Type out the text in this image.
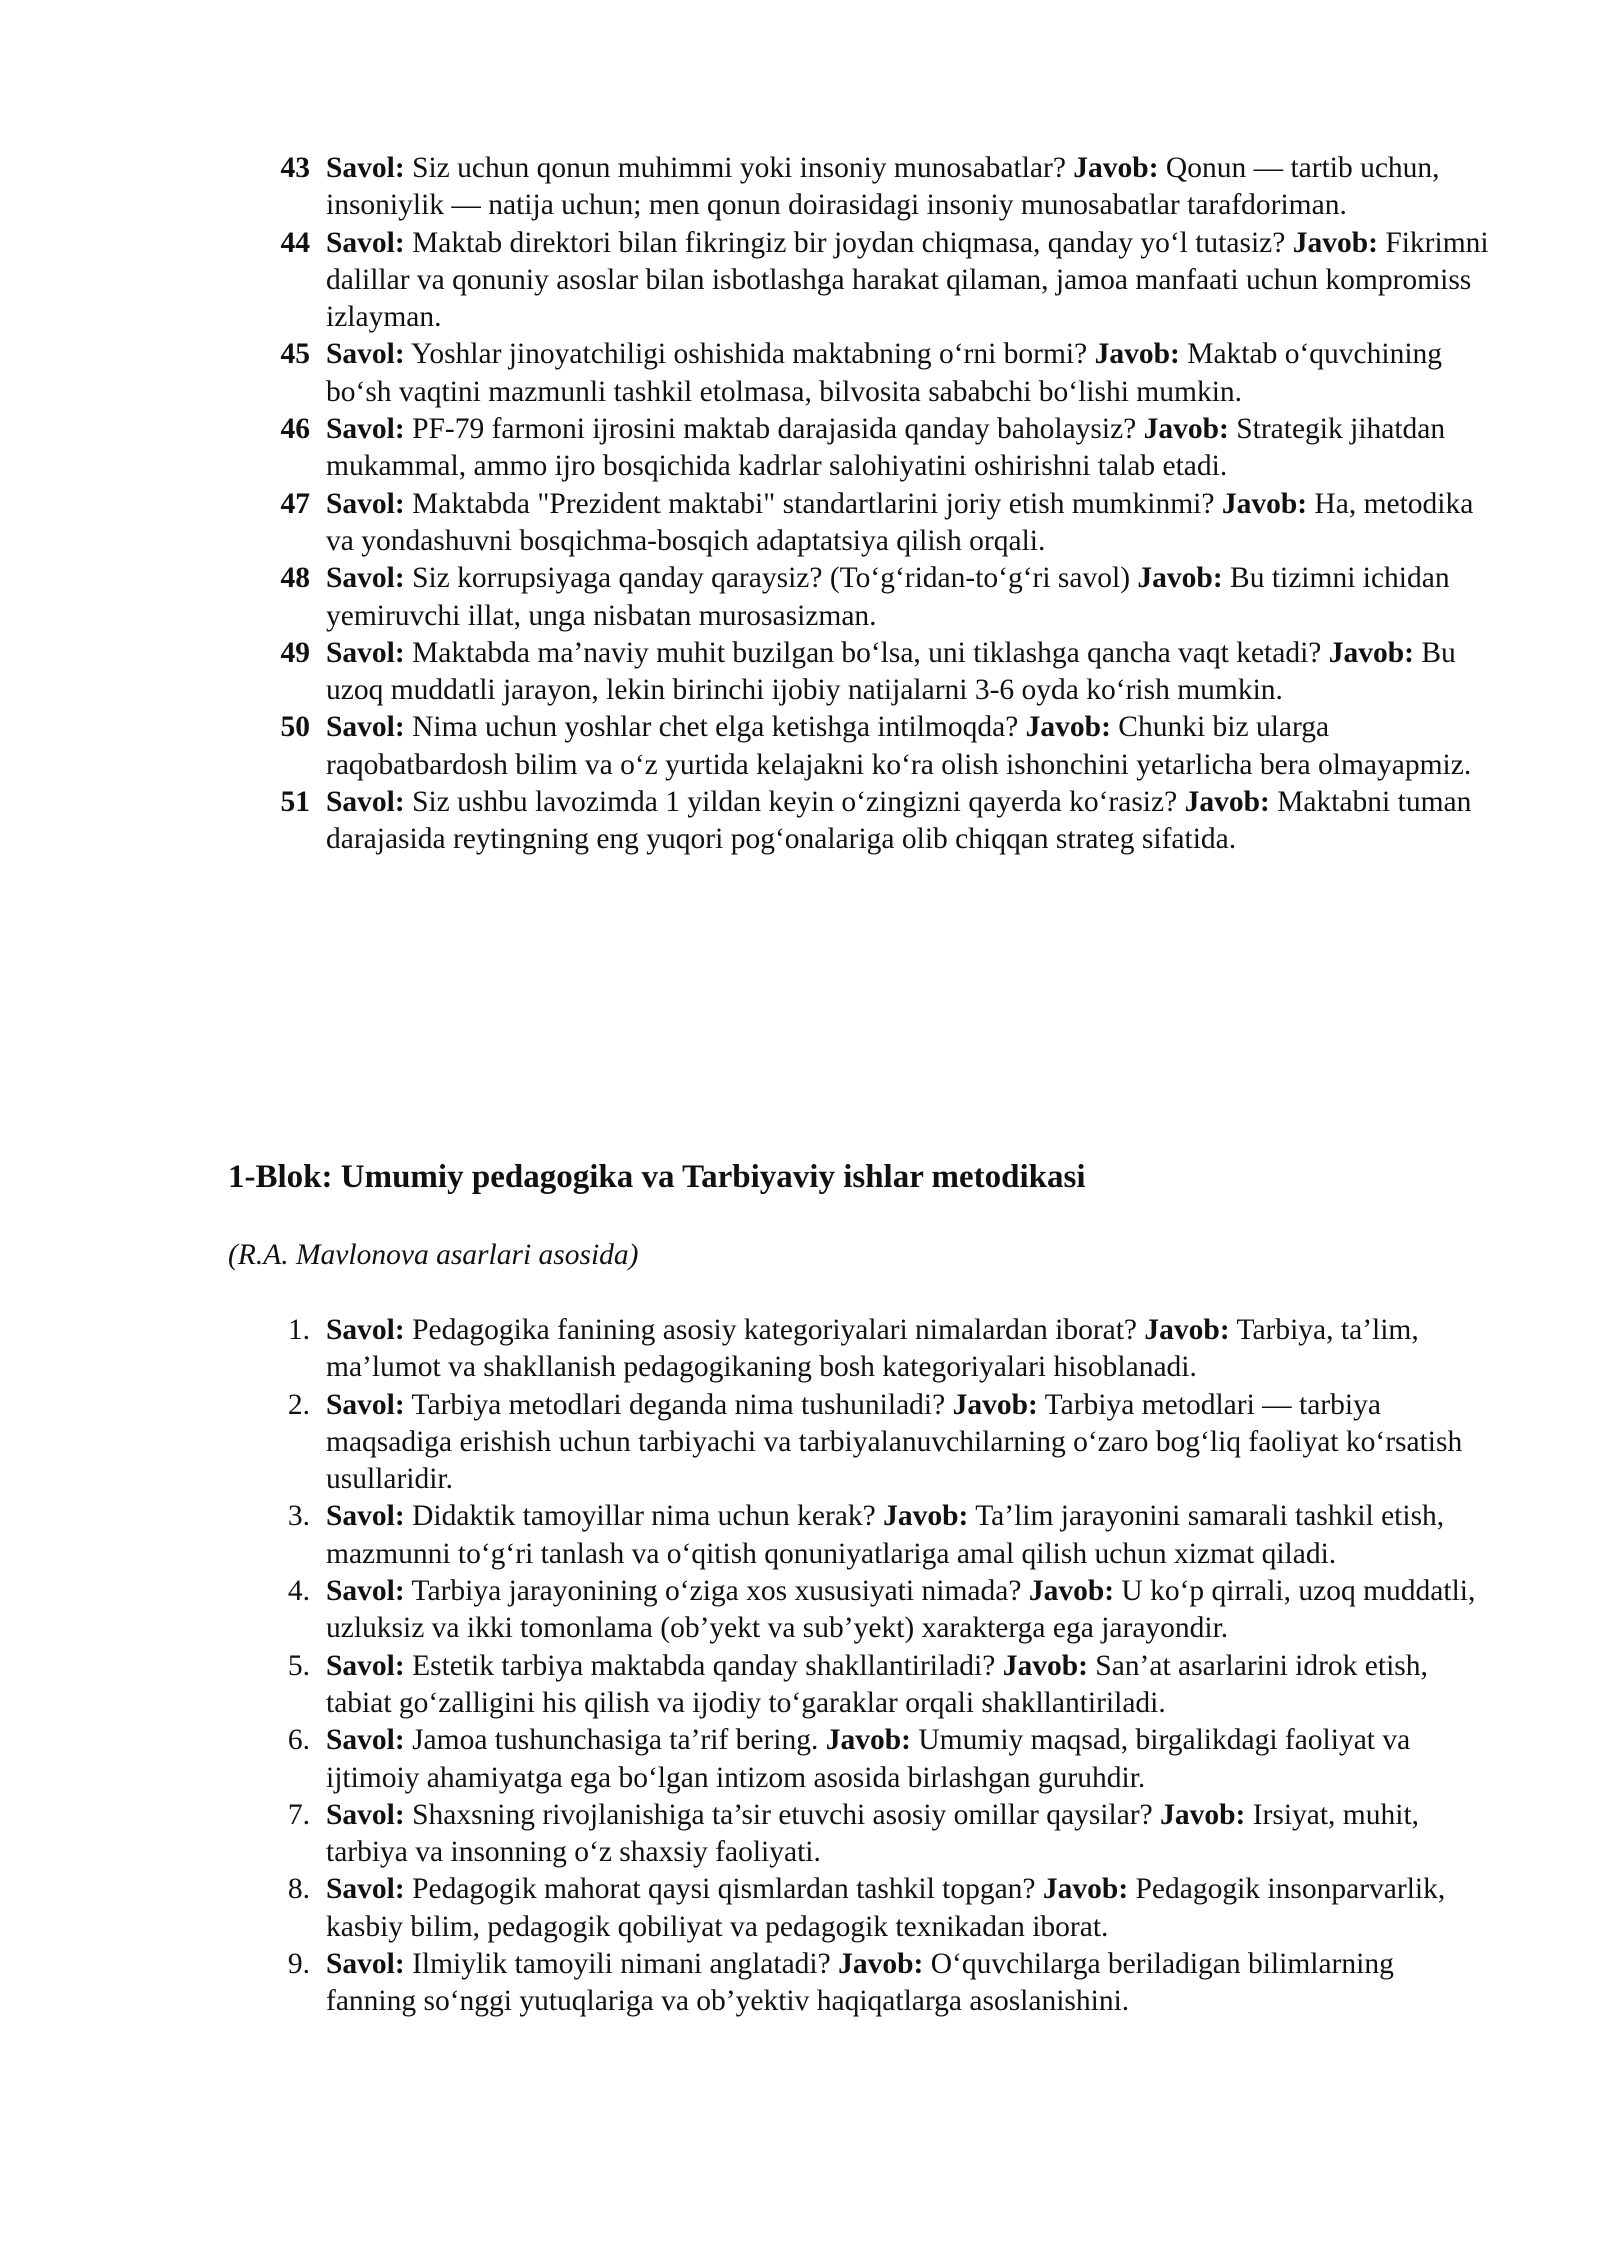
43 Savol: Siz uchun qonun muhimmi yoki insoniy munosabatlar? Javob: Qonun — tartib uchun, insoniylik — natija uchun; men qonun doirasidagi insoniy munosabatlar tarafdoriman.
44 Savol: Maktab direktori bilan fikringiz bir joydan chiqmasa, qanday yo‘l tutasiz? Javob: Fikrimni dalillar va qonuniy asoslar bilan isbotlashga harakat qilaman, jamoa manfaati uchun kompromiss izlayman.
45 Savol: Yoshlar jinoyatchiligi oshishida maktabning o‘rni bormi? Javob: Maktab o‘quvchining bo‘sh vaqtini mazmunli tashkil etolmasa, bilvosita sababchi bo‘lishi mumkin.
46 Savol: PF-79 farmoni ijrosini maktab darajasida qanday baholaysiz? Javob: Strategik jihatdan mukammal, ammo ijro bosqichida kadrlar salohiyatini oshirishni talab etadi.
47 Savol: Maktabda "Prezident maktabi" standartlarini joriy etish mumkinmi? Javob: Ha, metodika va yondashuvni bosqichma-bosqich adaptatsiya qilish orqali.
48 Savol: Siz korrupsiyaga qanday qaraysiz? (To‘g‘ridan-to‘g‘ri savol) Javob: Bu tizimni ichidan yemiruvchi illat, unga nisbatan murosasizman.
49 Savol: Maktabda ma’naviy muhit buzilgan bo‘lsa, uni tiklashga qancha vaqt ketadi? Javob: Bu uzoq muddatli jarayon, lekin birinchi ijobiy natijalarni 3-6 oyda ko‘rish mumkin.
50 Savol: Nima uchun yoshlar chet elga ketishga intilmoqda? Javob: Chunki biz ularga raqobatbardosh bilim va o‘z yurtida kelajakni ko‘ra olish ishonchini yetarlicha bera olmayapmiz.
51 Savol: Siz ushbu lavozimda 1 yildan keyin o‘zingizni qayerda ko‘rasiz? Javob: Maktabni tuman darajasida reytingning eng yuqori pog‘onalariga olib chiqqan strateg sifatida.
1-Blok: Umumiy pedagogika va Tarbiyaviy ishlar metodikasi

(R.A. Mavlonova asarlari asosida)

1. Savol: Pedagogika fanining asosiy kategoriyalari nimalardan iborat? Javob: Tarbiya, ta’lim, ma’lumot va shakllanish pedagogikaning bosh kategoriyalari hisoblanadi.
2. Savol: Tarbiya metodlari deganda nima tushuniladi? Javob: Tarbiya metodlari — tarbiya maqsadiga erishish uchun tarbiyachi va tarbiyalanuvchilarning o‘zaro bog‘liq faoliyat ko‘rsatish usullaridir.
3. Savol: Didaktik tamoyillar nima uchun kerak? Javob: Ta’lim jarayonini samarali tashkil etish, mazmunni to‘g‘ri tanlash va o‘qitish qonuniyatlariga amal qilish uchun xizmat qiladi.
4. Savol: Tarbiya jarayonining o‘ziga xos xususiyati nimada? Javob: U ko‘p qirrali, uzoq muddatli, uzluksiz va ikki tomonlama (ob’yekt va sub’yekt) xarakterga ega jarayondir.
5. Savol: Estetik tarbiya maktabda qanday shakllantiriladi? Javob: San’at asarlarini idrok etish, tabiat go‘zalligini his qilish va ijodiy to‘garaklar orqali shakllantiriladi.
6. Savol: Jamoa tushunchasiga ta’rif bering. Javob: Umumiy maqsad, birgalikdagi faoliyat va ijtimoiy ahamiyatga ega bo‘lgan intizom asosida birlashgan guruhdir.
7. Savol: Shaxsning rivojlanishiga ta’sir etuvchi asosiy omillar qaysilar? Javob: Irsiyat, muhit, tarbiya va insonning o‘z shaxsiy faoliyati.
8. Savol: Pedagogik mahorat qaysi qismlardan tashkil topgan? Javob: Pedagogik insonparvarlik, kasbiy bilim, pedagogik qobiliyat va pedagogik texnikadan iborat.
9. Savol: Ilmiylik tamoyili nimani anglatadi? Javob: O‘quvchilarga beriladigan bilimlarning fanning so‘nggi yutuqlariga va ob’yektiv haqiqatlarga asoslanishini.
